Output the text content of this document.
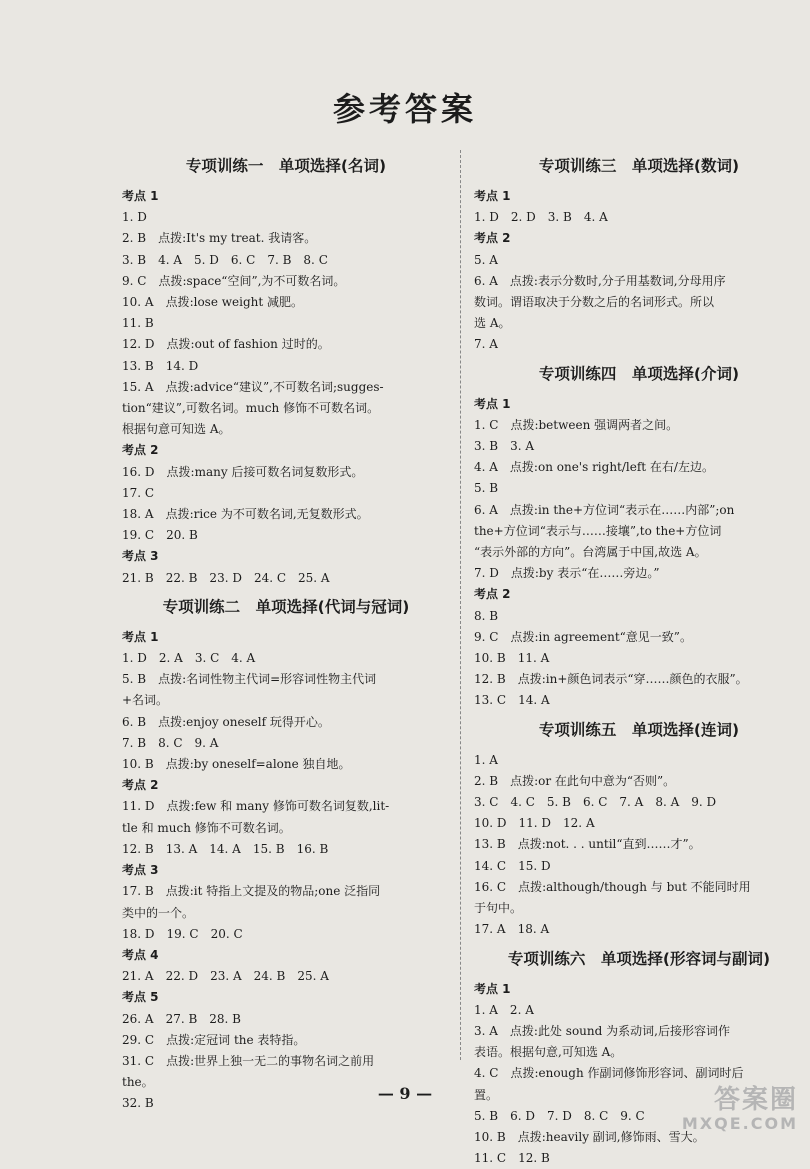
参考答案
专项训练一　单项选择(名词)
考点 1
1. D
2. B　点拨:It's my treat. 我请客。
3. B　4. A　5. D　6. C　7. B　8. C
9. C　点拨:space“空间”,为不可数名词。
10. A　点拨:lose weight 减肥。
11. B
12. D　点拨:out of fashion 过时的。
13. B　14. D
15. A　点拨:advice“建议”,不可数名词;sugges-
tion“建议”,可数名词。much 修饰不可数名词。
根据句意可知选 A。
考点 2
16. D　点拨:many 后接可数名词复数形式。
17. C
18. A　点拨:rice 为不可数名词,无复数形式。
19. C　20. B
考点 3
21. B　22. B　23. D　24. C　25. A
专项训练二　单项选择(代词与冠词)
考点 1
1. D　2. A　3. C　4. A
5. B　点拨:名词性物主代词=形容词性物主代词
+名词。
6. B　点拨:enjoy oneself 玩得开心。
7. B　8. C　9. A
10. B　点拨:by oneself=alone 独自地。
考点 2
11. D　点拨:few 和 many 修饰可数名词复数,lit-
tle 和 much 修饰不可数名词。
12. B　13. A　14. A　15. B　16. B
考点 3
17. B　点拨:it 特指上文提及的物品;one 泛指同
类中的一个。
18. D　19. C　20. C
考点 4
21. A　22. D　23. A　24. B　25. A
考点 5
26. A　27. B　28. B
29. C　点拨:定冠词 the 表特指。
31. C　点拨:世界上独一无二的事物名词之前用
the。
32. B
专项训练三　单项选择(数词)
考点 1
1. D　2. D　3. B　4. A
考点 2
5. A
6. A　点拨:表示分数时,分子用基数词,分母用序
数词。谓语取决于分数之后的名词形式。所以
选 A。
7. A
专项训练四　单项选择(介词)
考点 1
1. C　点拨:between 强调两者之间。
3. B　3. A
4. A　点拨:on one's right/left 在右/左边。
5. B
6. A　点拨:in the+方位词“表示在……内部”;on
the+方位词“表示与……接壤”,to the+方位词
“表示外部的方向”。台湾属于中国,故选 A。
7. D　点拨:by 表示“在……旁边。”
考点 2
8. B
9. C　点拨:in agreement“意见一致”。
10. B　11. A
12. B　点拨:in+颜色词表示“穿……颜色的衣服”。
13. C　14. A
专项训练五　单项选择(连词)
1. A
2. B　点拨:or 在此句中意为“否则”。
3. C　4. C　5. B　6. C　7. A　8. A　9. D
10. D　11. D　12. A
13. B　点拨:not. . . until“直到……才”。
14. C　15. D
16. C　点拨:although/though 与 but 不能同时用
于句中。
17. A　18. A
专项训练六　单项选择(形容词与副词)
考点 1
1. A　2. A
3. A　点拨:此处 sound 为系动词,后接形容词作
表语。根据句意,可知选 A。
4. C　点拨:enough 作副词修饰形容词、副词时后
置。
5. B　6. D　7. D　8. C　9. C
10. B　点拨:heavily 副词,修饰雨、雪大。
11. C　12. B
— 9 —	答案圈
MXQE.COM
